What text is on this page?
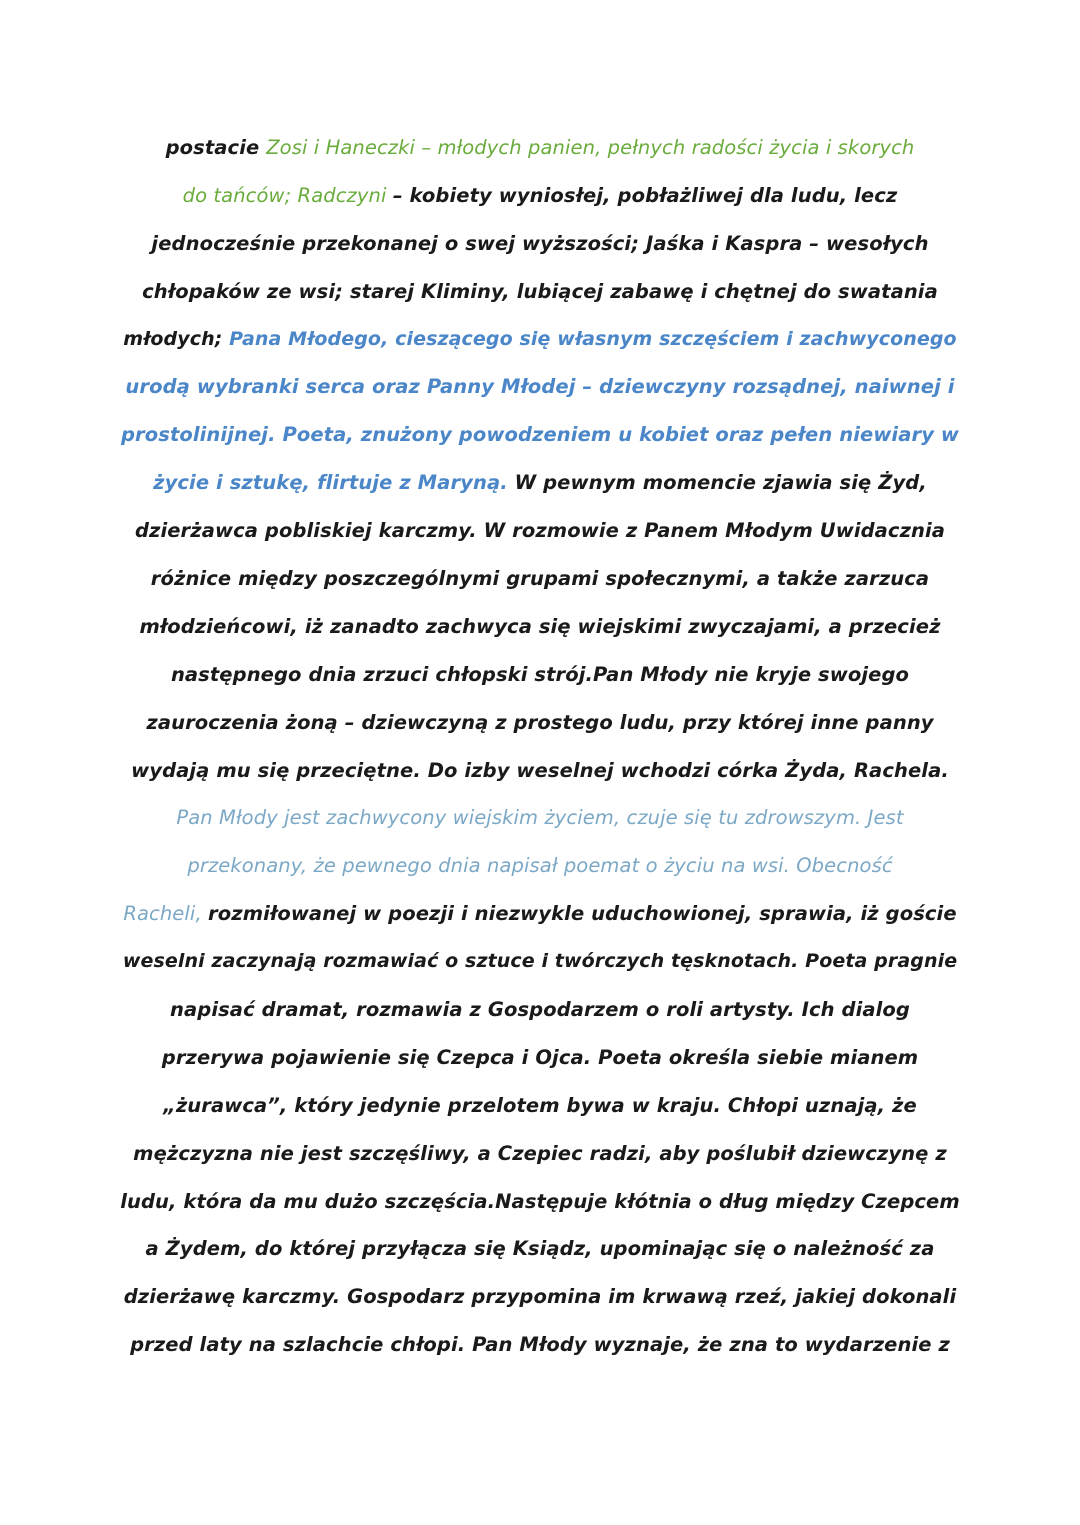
postacie Zosi i Haneczki – młodych panien, pełnych radości życia i skorych
do tańców; Radczyni – kobiety wyniosłej, pobłażliwej dla ludu, lecz
jednocześnie przekonanej o swej wyższości; Jaśka i Kaspra – wesołych
chłopaków ze wsi; starej Kliminy, lubiącej zabawę i chętnej do swatania
młodych; Pana Młodego, cieszącego się własnym szczęściem i zachwyconego
urodą wybranki serca oraz Panny Młodej – dziewczyny rozsądnej, naiwnej i
prostolinijnej. Poeta, znużony powodzeniem u kobiet oraz pełen niewiary w
życie i sztukę, flirtuje z Maryną. W pewnym momencie zjawia się Żyd,
dzierżawca pobliskiej karczmy. W rozmowie z Panem Młodym Uwidacznia
różnice między poszczególnymi grupami społecznymi, a także zarzuca
młodzieńcowi, iż zanadto zachwyca się wiejskimi zwyczajami, a przecież
następnego dnia zrzuci chłopski strój.Pan Młody nie kryje swojego
zauroczenia żoną – dziewczyną z prostego ludu, przy której inne panny
wydają mu się przeciętne. Do izby weselnej wchodzi córka Żyda, Rachela.
Pan Młody jest zachwycony wiejskim życiem, czuje się tu zdrowszym. Jest
przekonany, że pewnego dnia napisał poemat o życiu na wsi. Obecność
Racheli, rozmiłowanej w poezji i niezwykle uduchowionej, sprawia, iż goście
weselni zaczynają rozmawiać o sztuce i twórczych tęsknotach. Poeta pragnie
napisać dramat, rozmawia z Gospodarzem o roli artysty. Ich dialog
przerywa pojawienie się Czepca i Ojca. Poeta określa siebie mianem
„żurawca”, który jedynie przelotem bywa w kraju. Chłopi uznają, że
mężczyzna nie jest szczęśliwy, a Czepiec radzi, aby poślubił dziewczynę z
ludu, która da mu dużo szczęścia.Następuje kłótnia o dług między Czepcem
a Żydem, do której przyłącza się Ksiądz, upominając się o należność za
dzierżawę karczmy. Gospodarz przypomina im krwawą rzeź, jakiej dokonali
przed laty na szlachcie chłopi. Pan Młody wyznaje, że zna to wydarzenie z
